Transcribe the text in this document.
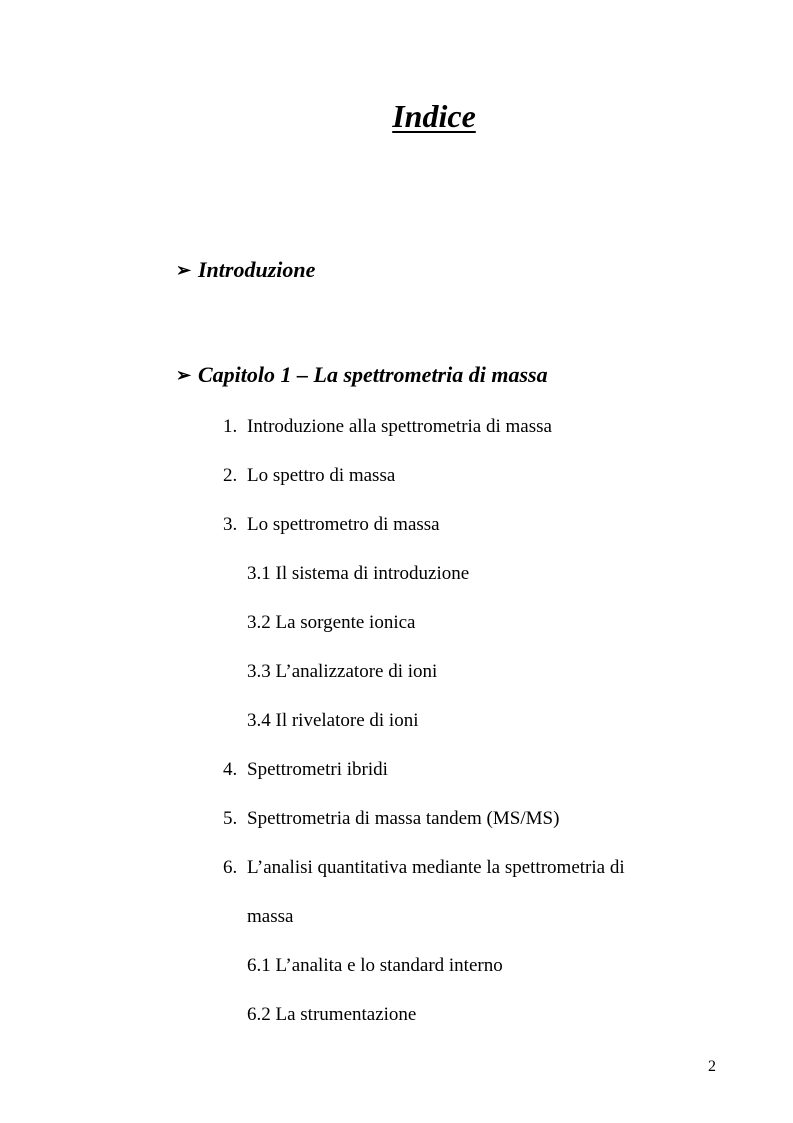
Indice
➢ Introduzione
➢ Capitolo 1 – La spettrometria di massa
1. Introduzione alla spettrometria di massa
2. Lo spettro di massa
3. Lo spettrometro di massa
3.1 Il sistema di introduzione
3.2 La sorgente ionica
3.3 L’analizzatore di ioni
3.4 Il rivelatore di ioni
4. Spettrometri ibridi
5. Spettrometria di massa tandem (MS/MS)
6. L’analisi quantitativa mediante la spettrometria di
massa
6.1 L’analita e lo standard interno
6.2 La strumentazione
2
